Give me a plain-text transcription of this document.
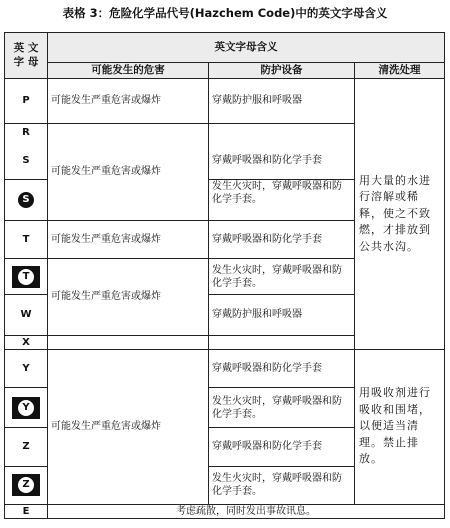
表格 3：危险化学品代号(Hazchem Code)中的英文字母含义
英 文
字 母	英文字母含义		
	可能发生的危害	防护设备	清洗处理
P	可能发生严重危害或爆炸	穿戴防护服和呼吸器	用大量的水进行溶解或稀释，使之不致燃，才排放到公共水沟。
R	可能发生严重危害或爆炸		
S		穿戴呼吸器和防化学手套	
S		发生火灾时，穿戴呼吸器和防化学手套。	

T	可能发生严重危害或爆炸	穿戴呼吸器和防化学手套	
T	可能发生严重危害或爆炸	发生火灾时，穿戴呼吸器和防化学手套。	
W		穿戴防护服和呼吸器	
X			
Y	可能发生严重危害或爆炸	穿戴呼吸器和防化学手套	用吸收剂进行吸收和围堵，以便适当清理。禁止排放。
Y		发生火灾时，穿戴呼吸器和防化学手套。	
Z		穿戴呼吸器和防化学手套	
Z		发生火灾时，穿戴呼吸器和防化学手套。	
E	考虑疏散，同时发出事故讯息。		
